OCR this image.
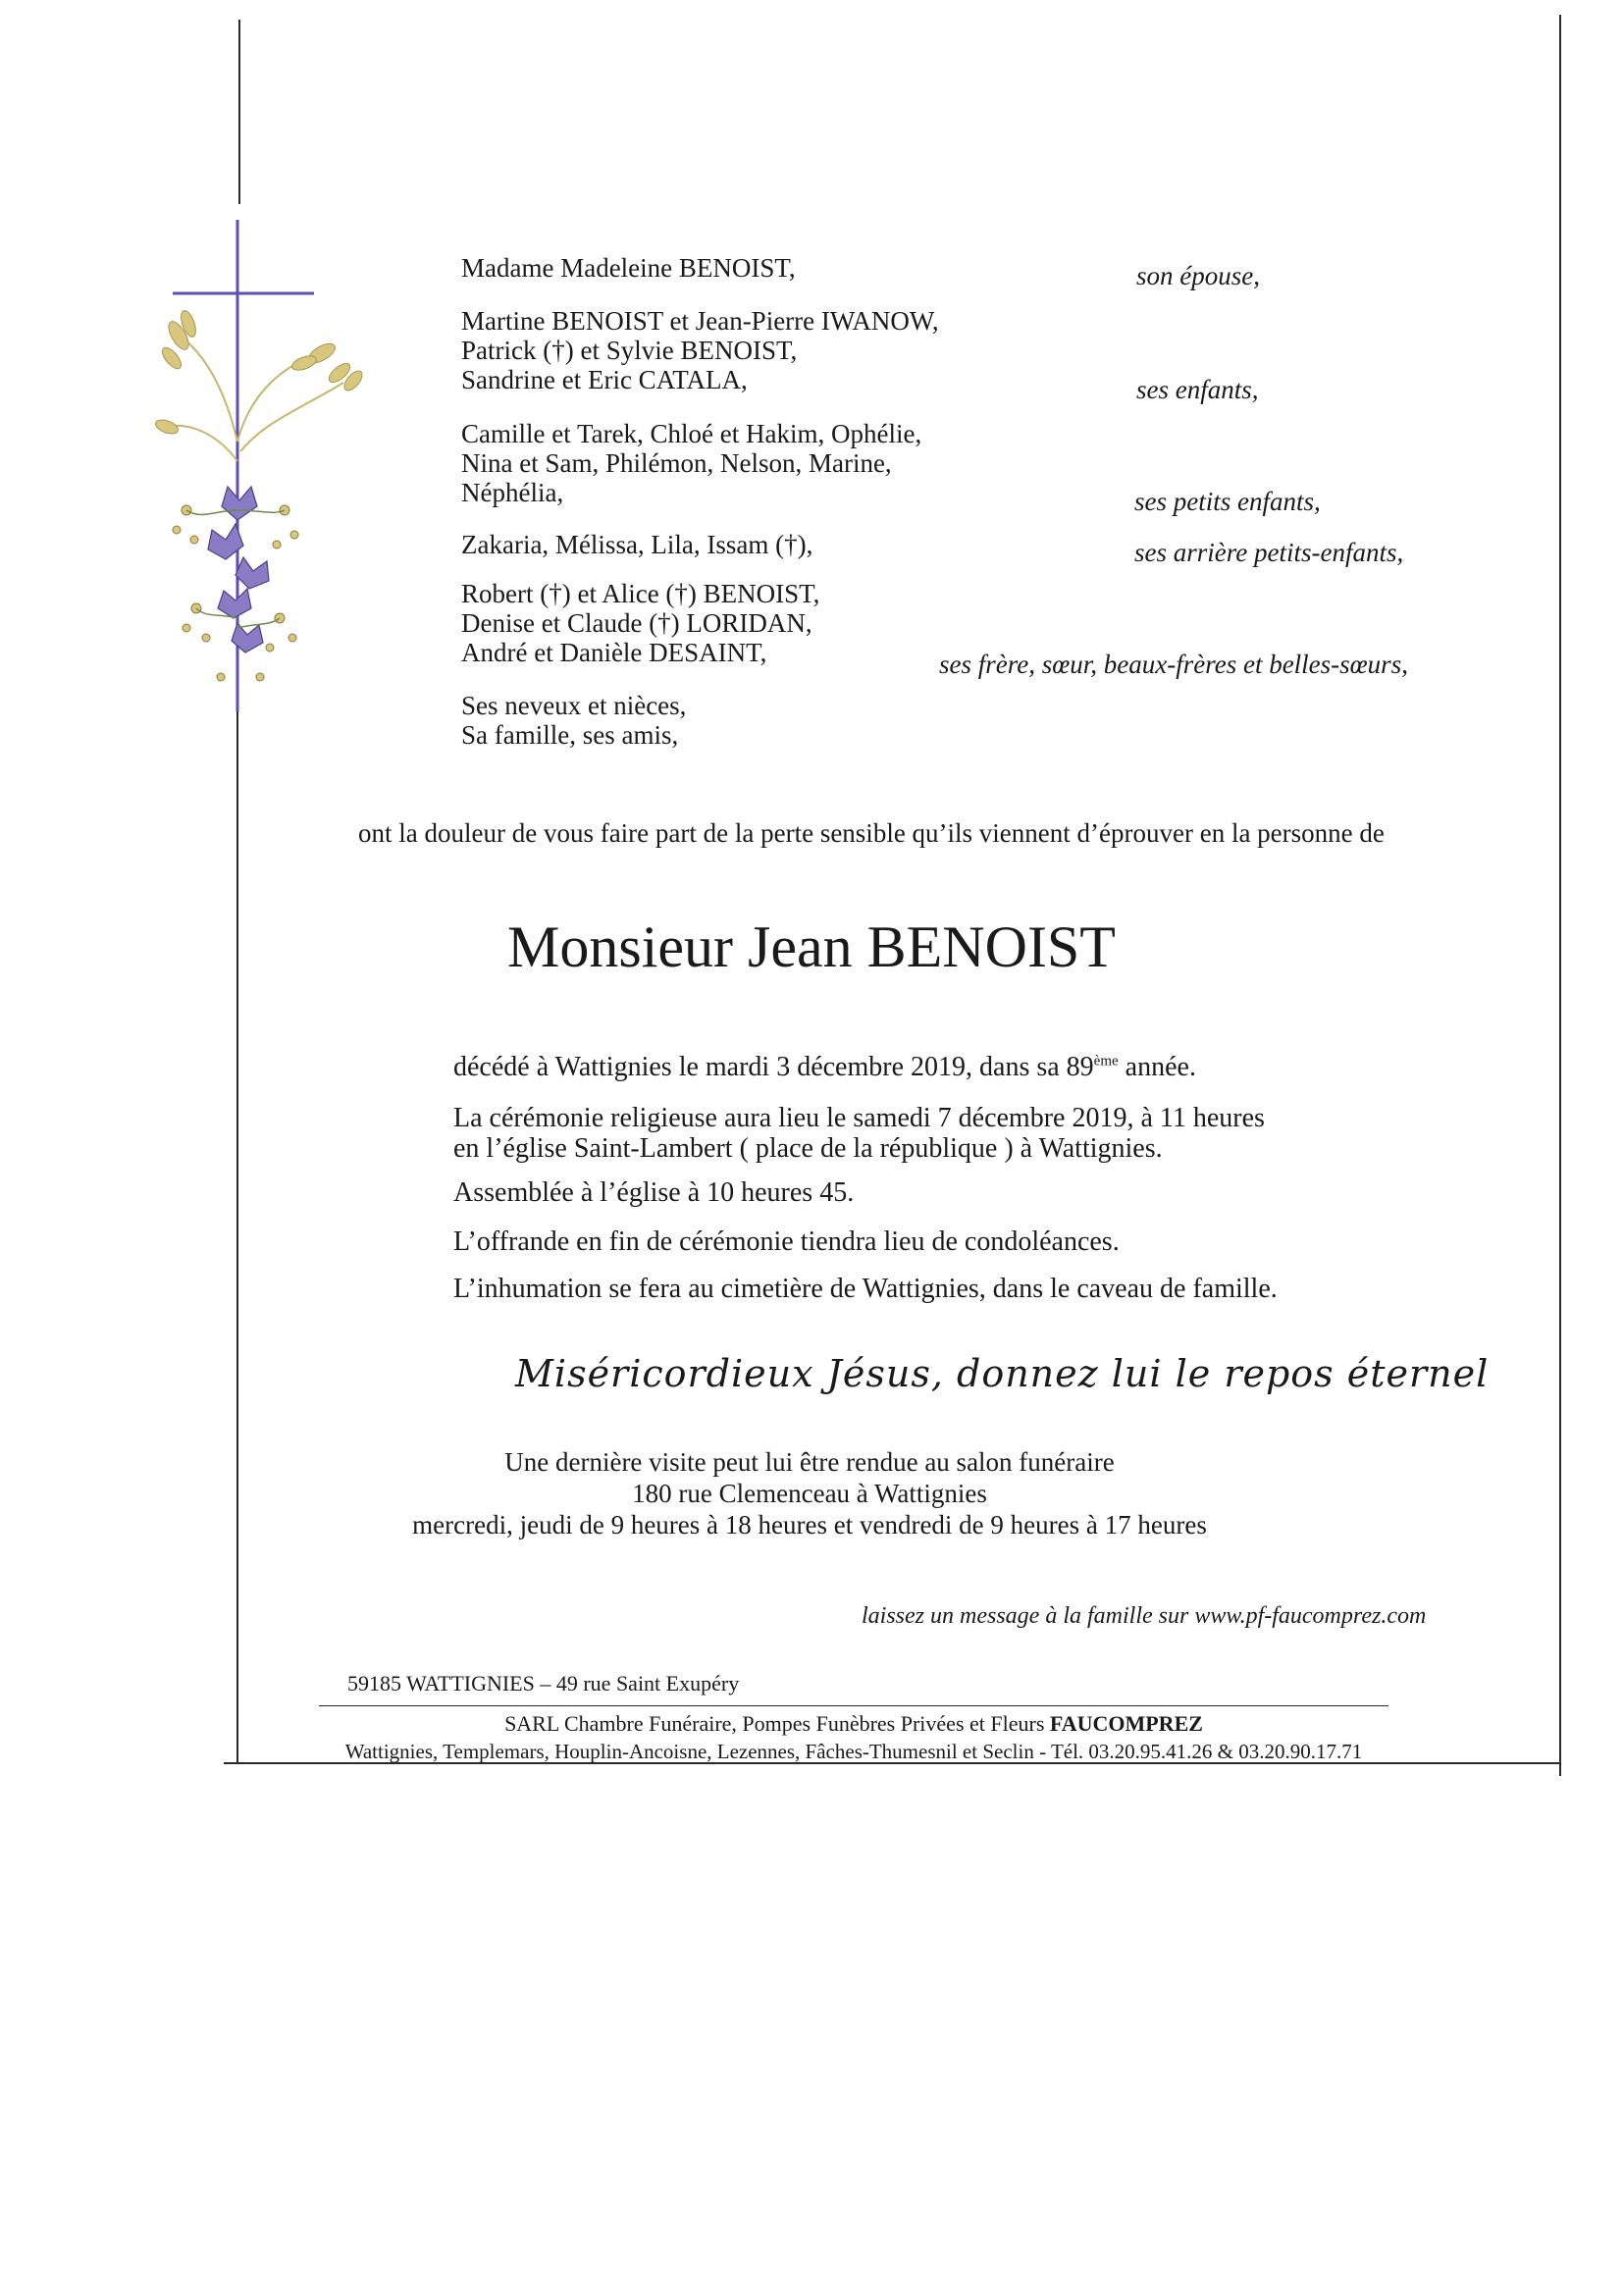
Madame Madeleine BENOIST,
Martine BENOIST et Jean-Pierre IWANOW,
Patrick (†) et Sylvie BENOIST,
Sandrine et Eric CATALA,
Camille et Tarek, Chloé et Hakim, Ophélie,
Nina et Sam, Philémon, Nelson, Marine,
Néphélia,
Zakaria, Mélissa, Lila, Issam (†),
Robert (†) et Alice (†) BENOIST,
Denise et Claude (†) LORIDAN,
André et Danièle DESAINT,
Ses neveux et nièces,
Sa famille, ses amis,
son épouse,
ses enfants,
ses petits enfants,
ses arrière petits-enfants,
ses frère, sœur, beaux-frères et belles-sœurs,
ont la douleur de vous faire part de la perte sensible qu’ils viennent d’éprouver en la personne de
Monsieur Jean BENOIST
décédé à Wattignies le mardi 3 décembre 2019, dans sa 89ème année.
La cérémonie religieuse aura lieu le samedi 7 décembre 2019, à 11 heures
en l’église Saint-Lambert ( place de la république ) à Wattignies.
Assemblée à l’église à 10 heures 45.
L’offrande en fin de cérémonie tiendra lieu de condoléances.
L’inhumation se fera au cimetière de Wattignies, dans le caveau de famille.
Miséricordieux Jésus, donnez lui le repos éternel
Une dernière visite peut lui être rendue au salon funéraire
180 rue Clemenceau à Wattignies
mercredi, jeudi de 9 heures à 18 heures et vendredi de 9 heures à 17 heures
laissez un message à la famille sur www.pf-faucomprez.com
59185 WATTIGNIES – 49 rue Saint Exupéry
SARL Chambre Funéraire, Pompes Funèbres Privées et Fleurs FAUCOMPREZ
Wattignies, Templemars, Houplin-Ancoisne, Lezennes, Fâches-Thumesnil et Seclin - Tél. 03.20.95.41.26 & 03.20.90.17.71
